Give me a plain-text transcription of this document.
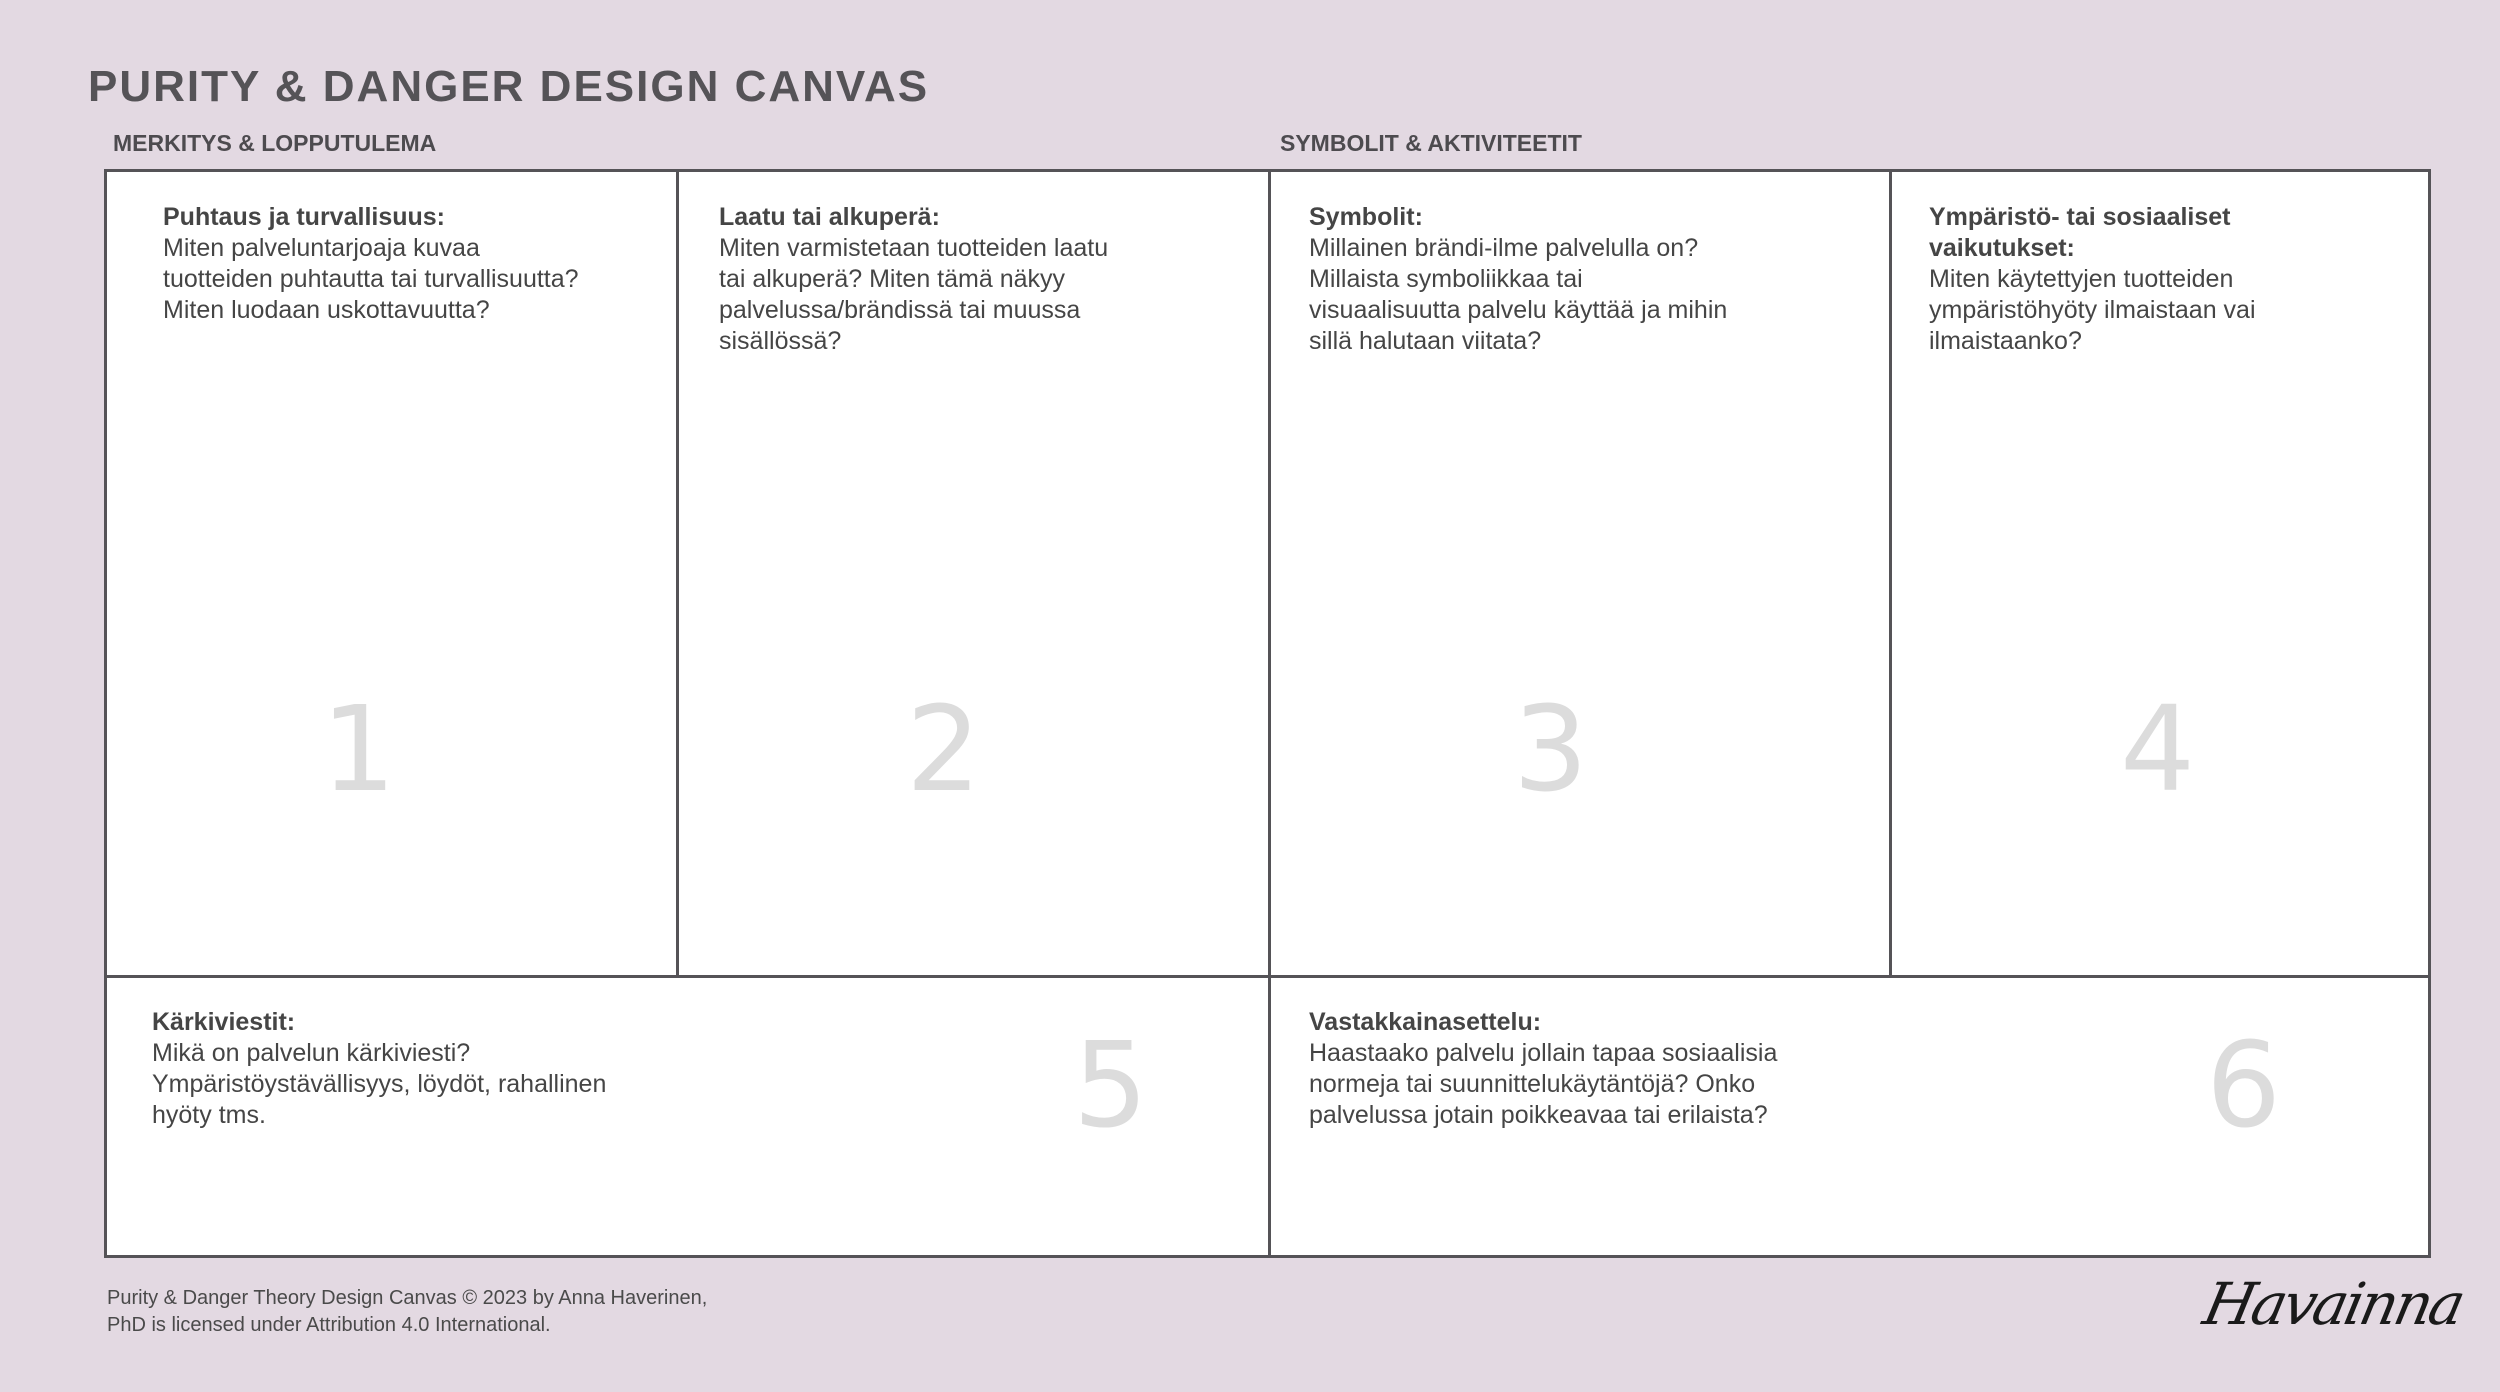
PURITY & DANGER DESIGN CANVAS
MERKITYS & LOPPUTULEMA	SYMBOLIT & AKTIVITEETIT
Puhtaus ja turvallisuus:
Miten palveluntarjoaja kuvaa
tuotteiden puhtautta tai turvallisuutta?
Miten luodaan uskottavuutta?
1
Laatu tai alkuperä:
Miten varmistetaan tuotteiden laatu
tai alkuperä? Miten tämä näkyy
palvelussa/brändissä tai muussa
sisällössä?
2
Symbolit:
Millainen brändi-ilme palvelulla on?
Millaista symboliikkaa tai
visuaalisuutta palvelu käyttää ja mihin
sillä halutaan viitata?
3
Ympäristö- tai sosiaaliset
vaikutukset:
Miten käytettyjen tuotteiden
ympäristöhyöty ilmaistaan vai
ilmaistaanko?
4
Kärkiviestit:
Mikä on palvelun kärkiviesti?
Ympäristöystävällisyys, löydöt, rahallinen
hyöty tms.	5	Vastakkainasettelu:
Haastaako palvelu jollain tapaa sosiaalisia
normeja tai suunnittelukäytäntöjä? Onko
palvelussa jotain poikkeavaa tai erilaista?	6
Purity & Danger Theory Design Canvas © 2023 by Anna Haverinen,
PhD is licensed under Attribution 4.0 International.	Havainna
